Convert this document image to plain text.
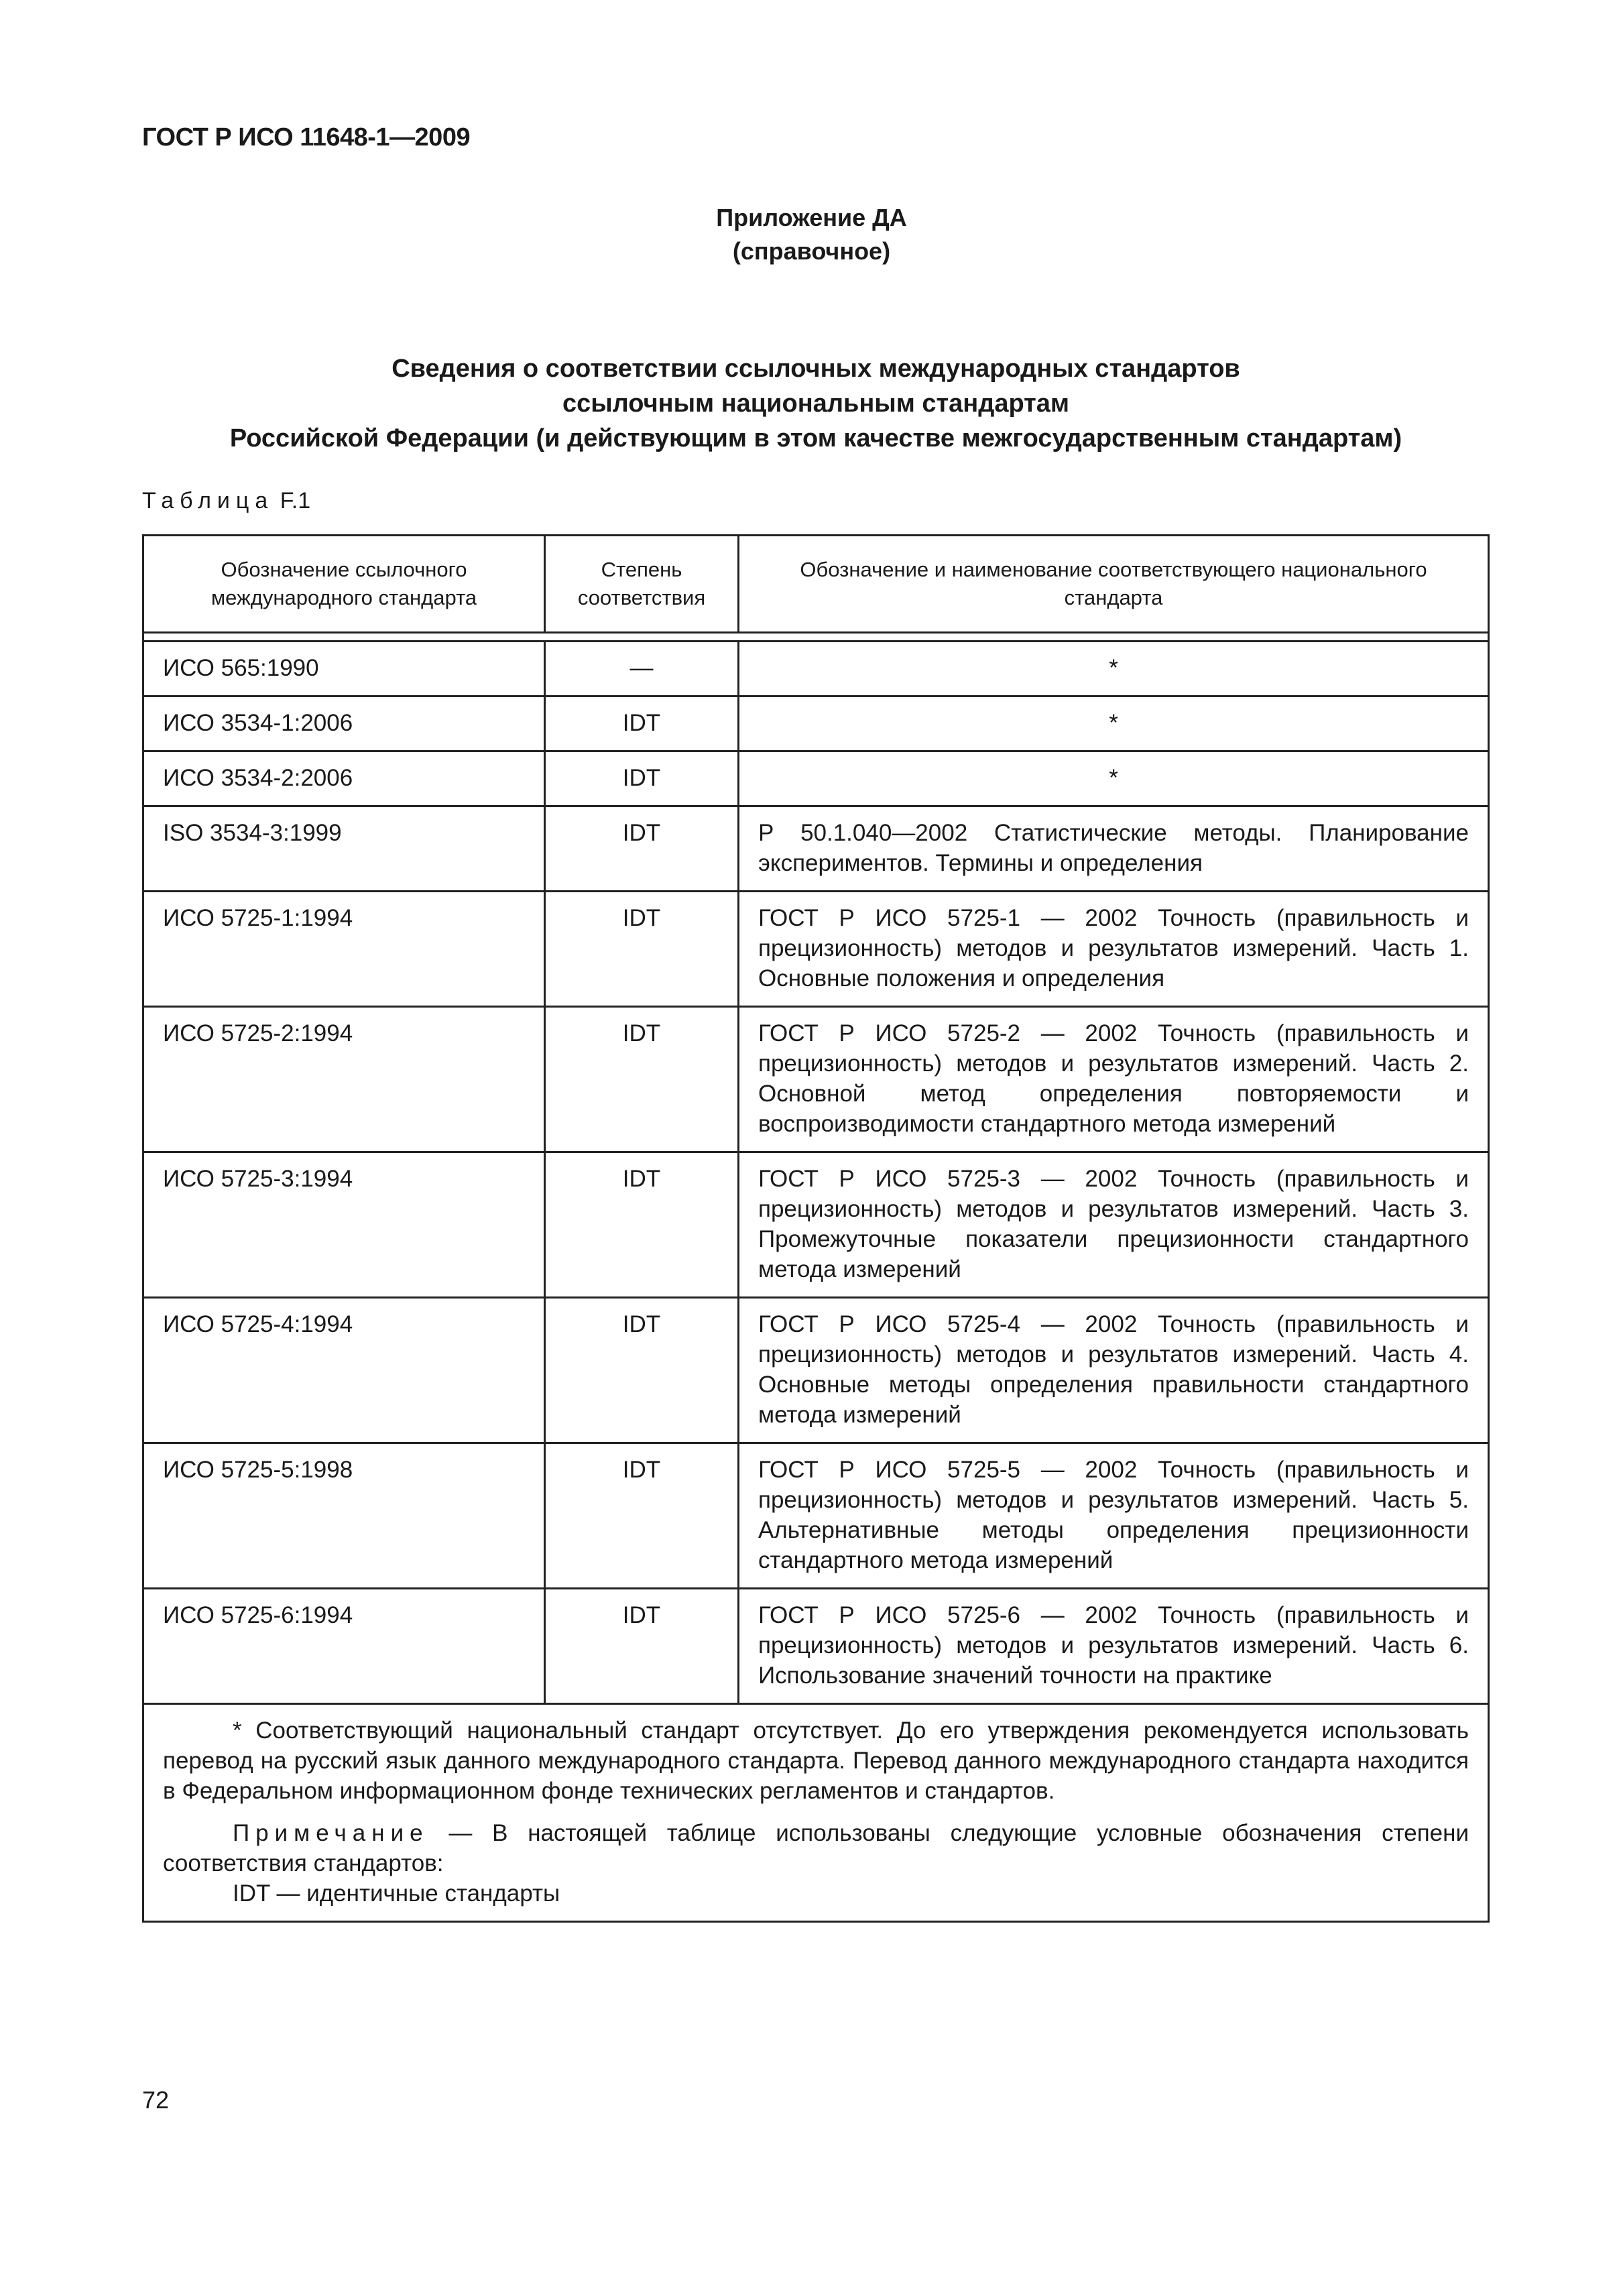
ГОСТ Р ИСО 11648-1—2009
Приложение ДА
(справочное)
Сведения о соответствии ссылочных международных стандартов
ссылочным национальным стандартам
Российской Федерации (и действующим в этом качестве межгосударственным стандартам)
Таблица F.1
Обозначение ссылочного международного стандарта	Степень соответствия	Обозначение и наименование соответствующего национального стандарта

ИСО 565:1990	—	*
ИСО 3534-1:2006	IDT	*
ИСО 3534-2:2006	IDT	*
ISO 3534-3:1999	IDT	Р 50.1.040—2002 Статистические методы. Планирование экспериментов. Термины и определения
ИСО 5725-1:1994	IDT	ГОСТ Р ИСО 5725-1 — 2002 Точность (правильность и прецизионность) методов и результатов измерений. Часть 1. Основные положения и определения
ИСО 5725-2:1994	IDT	ГОСТ Р ИСО 5725-2 — 2002 Точность (правильность и прецизионность) методов и результатов измерений. Часть 2. Основной метод определения повторяемости и воспроизводимости стандартного метода измерений
ИСО 5725-3:1994	IDT	ГОСТ Р ИСО 5725-3 — 2002 Точность (правильность и прецизионность) методов и результатов измерений. Часть 3. Промежуточные показатели прецизионности стандартного метода измерений
ИСО 5725-4:1994	IDT	ГОСТ Р ИСО 5725-4 — 2002 Точность (правильность и прецизионность) методов и результатов измерений. Часть 4. Основные методы определения правильности стандартного метода измерений
ИСО 5725-5:1998	IDT	ГОСТ Р ИСО 5725-5 — 2002 Точность (правильность и прецизионность) методов и результатов измерений. Часть 5. Альтернативные методы определения прецизионности стандартного метода измерений
ИСО 5725-6:1994	IDT	ГОСТ Р ИСО 5725-6 — 2002 Точность (правильность и прецизионность) методов и результатов измерений. Часть 6. Использование значений точности на практике

* Соответствующий национальный стандарт отсутствует. До его утверждения рекомендуется использовать перевод на русский язык данного международного стандарта. Перевод данного международного стандарта находится в Федеральном информационном фонде технических регламентов и стандартов.

Примечание — В настоящей таблице использованы следующие условные обозначения степени соответствия стандартов:

IDT — идентичные стандарты		

72
